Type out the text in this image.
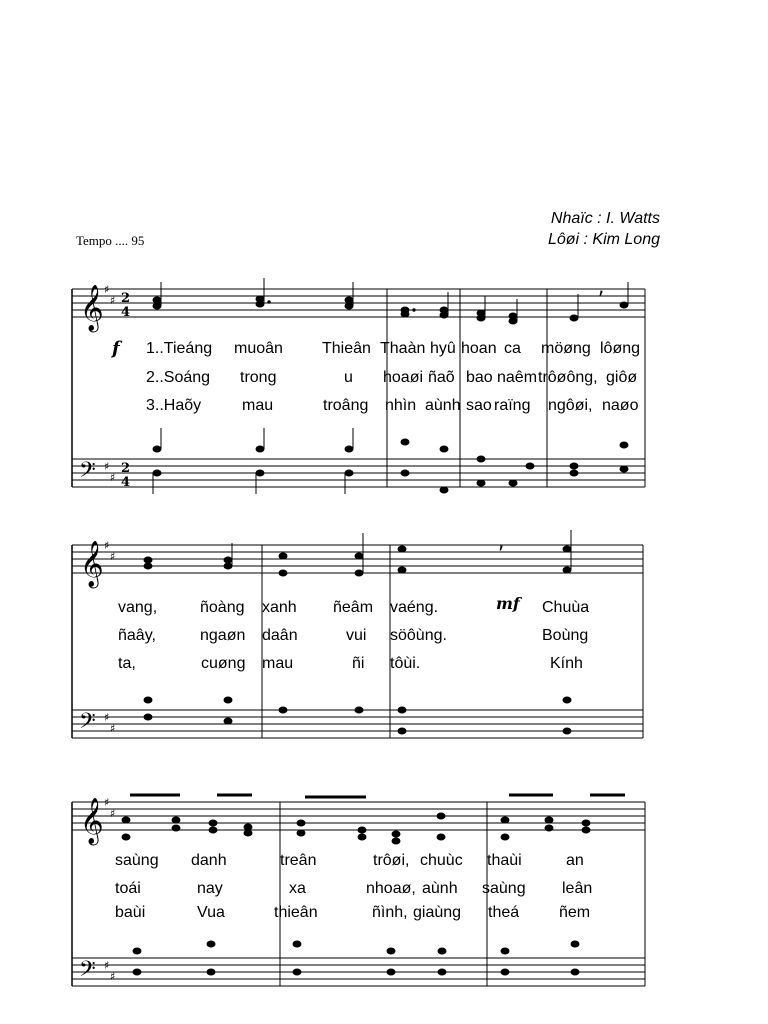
Nhaïc : I. Watts
Lôøi : Kim Long
Tempo .... 95
𝄞
𝄢
𝄞
𝄢
𝄞
𝄢
♯
♯
♯
♯
♯
♯
♯
♯
♯
♯
♯
♯
2
4
2
4
,
,
f
mf
1..Tieáng muoân Thieân Thaàn hyû hoan ca möøng lôøng
2..Soáng trong	u hoaøi ñaõ bao naêm trôøông, giôø
3..Haõy	mau	troâng nhìn aùnh sao raïng ngôøi, naøo
vang,	ñoàng xanh ñeâm vaéng.	Chuùa
ñaây,	ngaøn daân	vui söôùng.	Boùng
ta,	cuøng mau	ñi tôùi.	Kính
saùng danh	treân	trôøi, chuùc thaùi	an
toái	nay	xa	nhoaø, aùnh saùng leân
baùi	Vua	thieân	ñình, giaùng theá ñem
